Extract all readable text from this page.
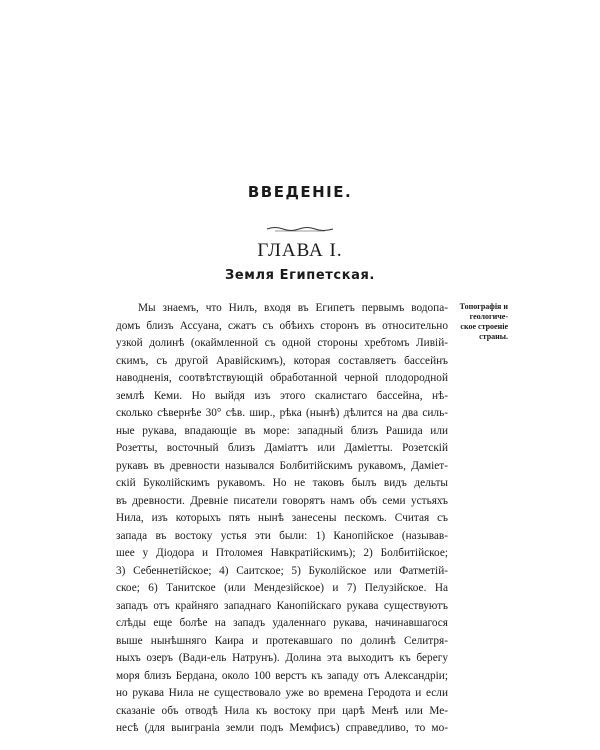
ВВЕДЕНІЕ.
ГЛАВА I.
Земля Египетская.
Топографія и
геологиче-
ское строеніе
страны.
Мы знаемъ, что Нилъ, входя въ Египетъ первымъ водопа-
домъ близъ Ассуана, сжатъ съ обѣихъ сторонъ въ относительно
узкой долинѣ (окаймленной съ одной стороны хребтомъ Ливій-
скимъ, съ другой Аравійскимъ), которая составляетъ бассейнъ
наводненія, соотвѣтствующій обработанной черной плодородной
землѣ Кеми. Но выйдя изъ этого скалистаго бассейна, нѣ-
сколько сѣвернѣе 30° сѣв. шир., рѣка (нынѣ) дѣлится на два силь-
ные рукава, впадающіе въ море: западный близъ Рашида или
Розетты, восточный близъ Даміаттъ или Даміетты. Розетскій
рукавъ въ древности назывался Болбитійскимъ рукавомъ, Даміет-
скій Буколійскимъ рукавомъ. Но не таковъ былъ видъ дельты
въ древности. Древніе писатели говорятъ намъ объ семи устьяхъ
Нила, изъ которыхъ пять нынѣ занесены пескомъ. Считая съ
запада въ востоку устья эти были: 1) Канопійское (называв-
шее у Діодора и Птоломея Навкратійскимъ); 2) Болбитійское;
3) Себеннетійское; 4) Саитское; 5) Буколійское или Фатметій-
ское; 6) Танитское (или Мендезійское) и 7) Пелузійское. На
западъ отъ крайняго западнаго Канопійскаго рукава существуютъ
слѣды еще болѣе на западъ удаленнаго рукава, начинавшагося
выше нынѣшняго Каира и протекавшаго по долинѣ Селитря-
ныхъ озеръ (Вади-ель Натрунъ). Долина эта выходитъ къ берегу
моря близъ Бердана, около 100 верстъ къ западу отъ Александріи;
но рукава Нила не существовало уже во времена Геродота и если
сказаніе объ отводѣ Нила къ востоку при царѣ Менѣ или Ме-
несѣ (для выиграніа земли подъ Мемфисъ) справедливо, то мо-
